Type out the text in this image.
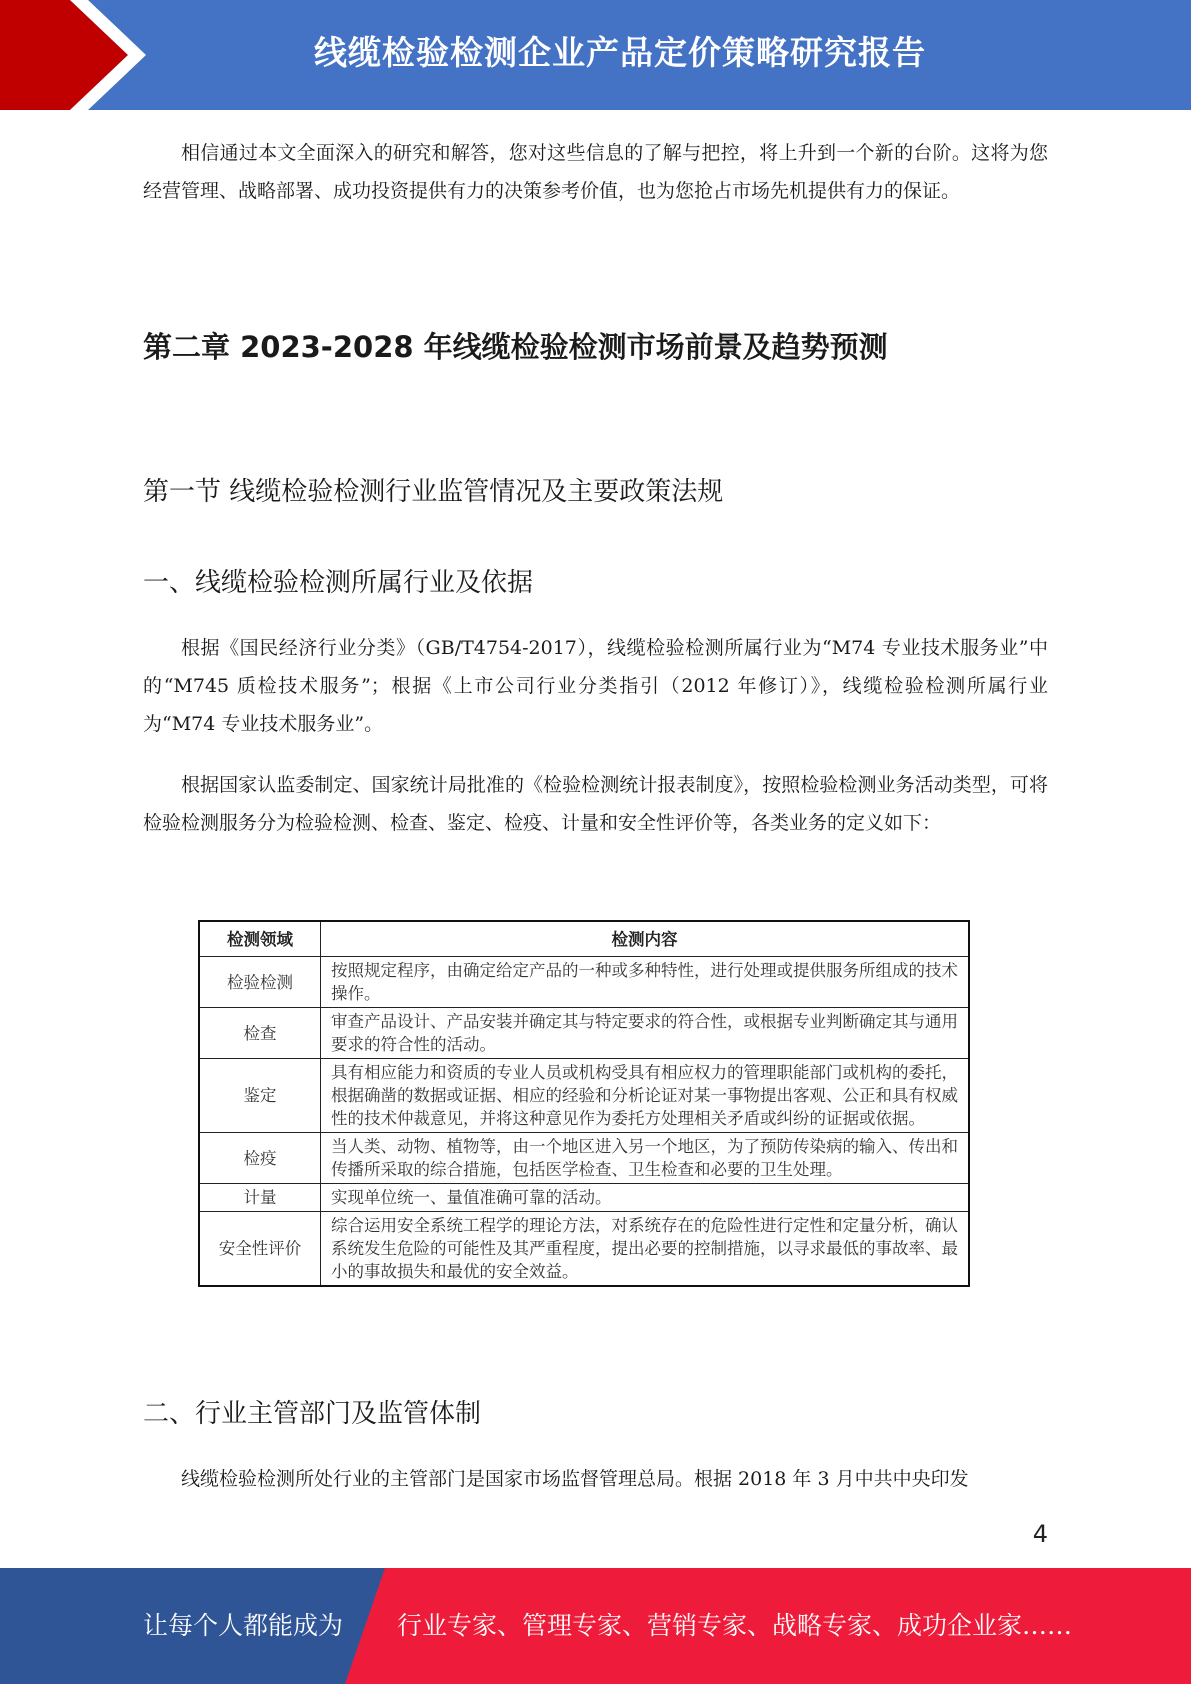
线缆检验检测企业产品定价策略研究报告

相信通过本文全面深入的研究和解答，您对这些信息的了解与把控，将上升到一个新的台阶。这将为您经营管理、战略部署、成功投资提供有力的决策参考价值，也为您抢占市场先机提供有力的保证。

第二章 2023-2028 年线缆检验检测市场前景及趋势预测
第一节 线缆检验检测行业监管情况及主要政策法规
一、线缆检验检测所属行业及依据

根据《国民经济行业分类》（GB/T4754-2017），线缆检验检测所属行业为“M74 专业技术服务业”中的“M745 质检技术服务”；根据《上市公司行业分类指引（2012 年修订）》，线缆检验检测所属行业为“M74 专业技术服务业”。

根据国家认监委制定、国家统计局批准的《检验检测统计报表制度》，按照检验检测业务活动类型，可将检验检测服务分为检验检测、检查、鉴定、检疫、计量和安全性评价等，各类业务的定义如下：

检测领域	检测内容
检验检测	按照规定程序，由确定给定产品的一种或多种特性，进行处理或提供服务所组成的技术操作。
检查	审查产品设计、产品安装并确定其与特定要求的符合性，或根据专业判断确定其与通用要求的符合性的活动。
鉴定	具有相应能力和资质的专业人员或机构受具有相应权力的管理职能部门或机构的委托，根据确凿的数据或证据、相应的经验和分析论证对某一事物提出客观、公正和具有权威性的技术仲裁意见，并将这种意见作为委托方处理相关矛盾或纠纷的证据或依据。
检疫	当人类、动物、植物等，由一个地区进入另一个地区，为了预防传染病的输入、传出和传播所采取的综合措施，包括医学检查、卫生检查和必要的卫生处理。
计量	实现单位统一、量值准确可靠的活动。
安全性评价	综合运用安全系统工程学的理论方法，对系统存在的危险性进行定性和定量分析，确认系统发生危险的可能性及其严重程度，提出必要的控制措施，以寻求最低的事故率、最小的事故损失和最优的安全效益。
二、行业主管部门及监管体制

线缆检验检测所处行业的主管部门是国家市场监督管理总局。根据 2018 年 3 月中共中央印发

4
让每个人都能成为 行业专家、管理专家、营销专家、战略专家、成功企业家……
